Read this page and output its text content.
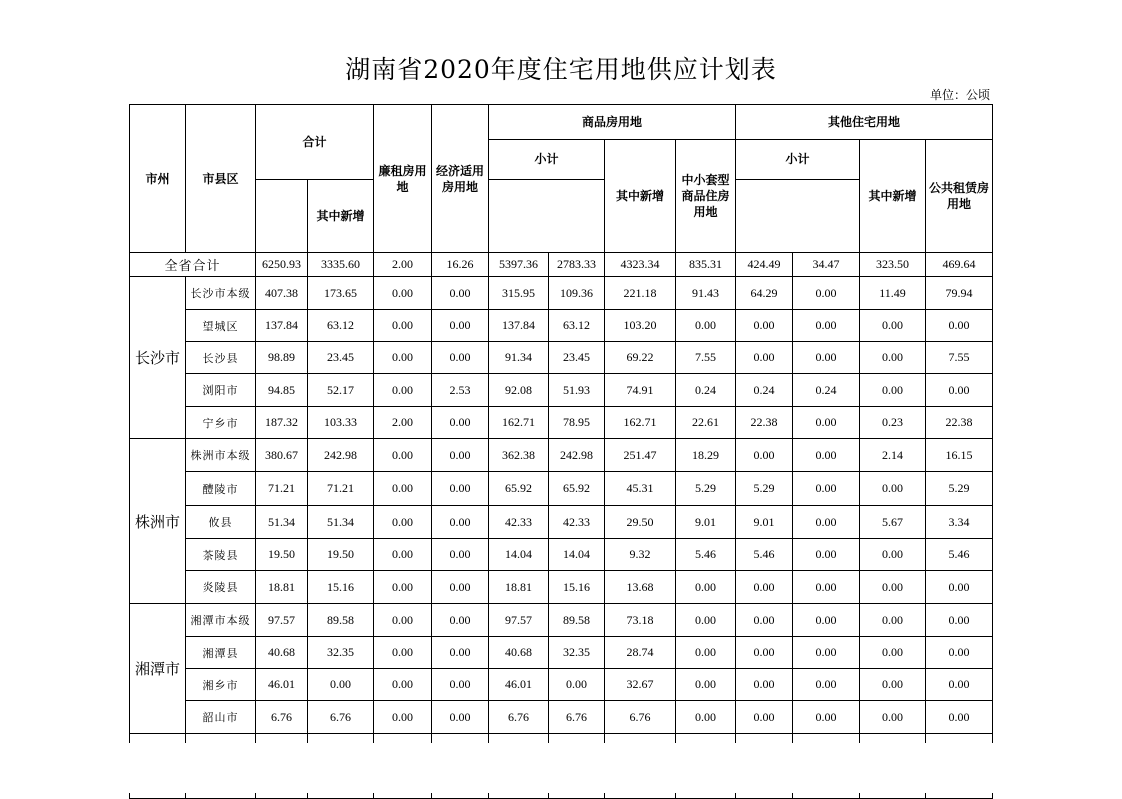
湖南省2020年度住宅用地供应计划表
单位：公顷
市州	市县区	合计		廉租房用地	经济适用房用地	商品房用地				其他住宅用地				
						小计		其中新增	中小套型商品住房用地	小计		其中新增	公共租赁房用地		
			其中新增											
全省合计		6250.93	3335.60	2.00	16.26	5397.36	2783.33	4323.34	835.31	424.49	34.47	323.50	469.64	
长沙市	长沙市本级	407.38	173.65	0.00	0.00	315.95	109.36	221.18	91.43	64.29	0.00	11.49	79.94	
	望城区	137.84	63.12	0.00	0.00	137.84	63.12	103.20	0.00	0.00	0.00	0.00	0.00	
	长沙县	98.89	23.45	0.00	0.00	91.34	23.45	69.22	7.55	0.00	0.00	0.00	7.55	
	浏阳市	94.85	52.17	0.00	2.53	92.08	51.93	74.91	0.24	0.24	0.24	0.00	0.00	
	宁乡市	187.32	103.33	2.00	0.00	162.71	78.95	162.71	22.61	22.38	0.00	0.23	22.38	
株洲市	株洲市本级	380.67	242.98	0.00	0.00	362.38	242.98	251.47	18.29	0.00	0.00	2.14	16.15	
	醴陵市	71.21	71.21	0.00	0.00	65.92	65.92	45.31	5.29	5.29	0.00	0.00	5.29	
	攸县	51.34	51.34	0.00	0.00	42.33	42.33	29.50	9.01	9.01	0.00	5.67	3.34	
	茶陵县	19.50	19.50	0.00	0.00	14.04	14.04	9.32	5.46	5.46	0.00	0.00	5.46	
	炎陵县	18.81	15.16	0.00	0.00	18.81	15.16	13.68	0.00	0.00	0.00	0.00	0.00	
湘潭市	湘潭市本级	97.57	89.58	0.00	0.00	97.57	89.58	73.18	0.00	0.00	0.00	0.00	0.00	
	湘潭县	40.68	32.35	0.00	0.00	40.68	32.35	28.74	0.00	0.00	0.00	0.00	0.00	
	湘乡市	46.01	0.00	0.00	0.00	46.01	0.00	32.67	0.00	0.00	0.00	0.00	0.00	
	韶山市	6.76	6.76	0.00	0.00	6.76	6.76	6.76	0.00	0.00	0.00	0.00	0.00	
